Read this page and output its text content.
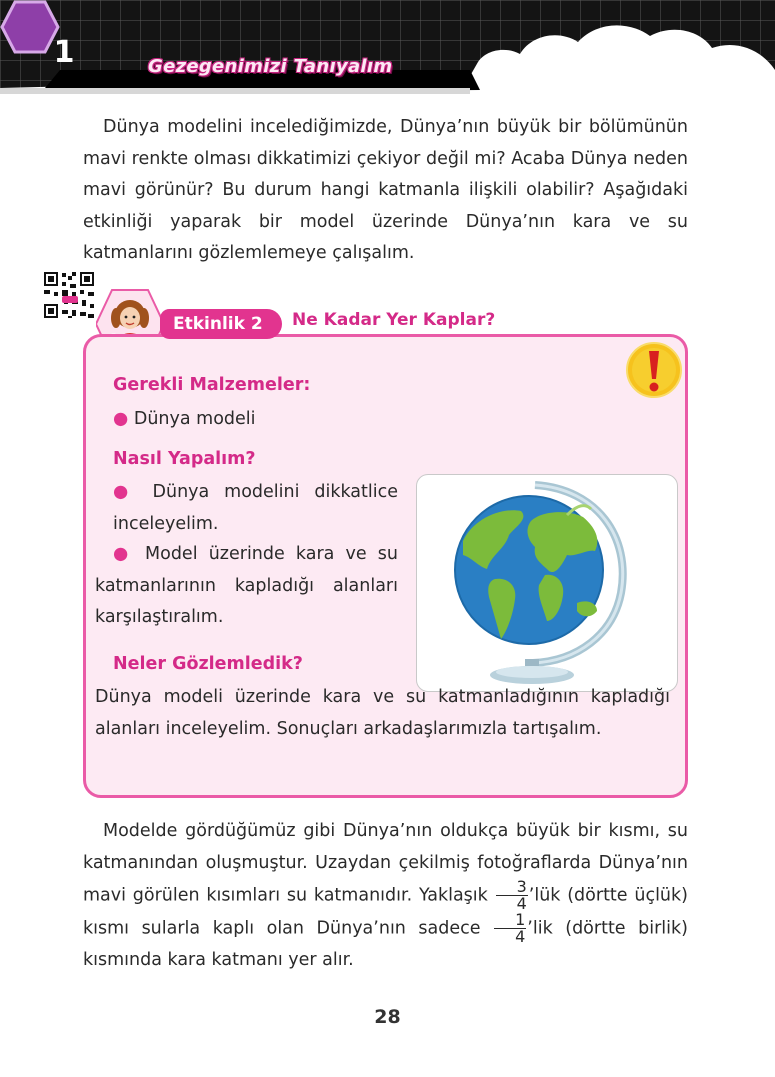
1	Gezegenimizi Tanıyalım

Dünya modelini incelediğimizde, Dünya’nın büyük bir bölümünün mavi renkte olması dikkatimizi çekiyor değil mi? Acaba Dünya neden mavi görünür? Bu durum hangi katmanla ilişkili olabilir? Aşağıdaki etkinliği yaparak bir model üzerinde Dünya’nın kara ve su katmanlarını gözlemlemeye çalışalım.

Etkinlik 2	Ne Kadar Yer Kaplar?
Gerekli Malzemeler:
● Dünya modeli
Nasıl Yapalım?
● Dünya modelini dikkatlice inceleyelim.
● Model üzerinde kara ve su katmanlarının kapladığı alanları karşılaştıralım.
Neler Gözlemledik?
Dünya modeli üzerinde kara ve su katmanladığının kapladığı alanları inceleyelim. Sonuçları arkadaşlarımızla tartışalım.

Modelde gördüğümüz gibi Dünya’nın oldukça büyük bir kısmı, su katmanından oluşmuştur. Uzaydan çekilmiş fotoğraflarda Dünya’nın mavi görülen kısımları su katmanıdır. Yaklaşık $\frac{3}{4}$ ’lük (dörtte üçlük) kısmı sularla kaplı olan Dünya’nın sadece $\frac{1}{4}$ ’lik (dörtte birlik) kısmında kara katmanı yer alır.

28
